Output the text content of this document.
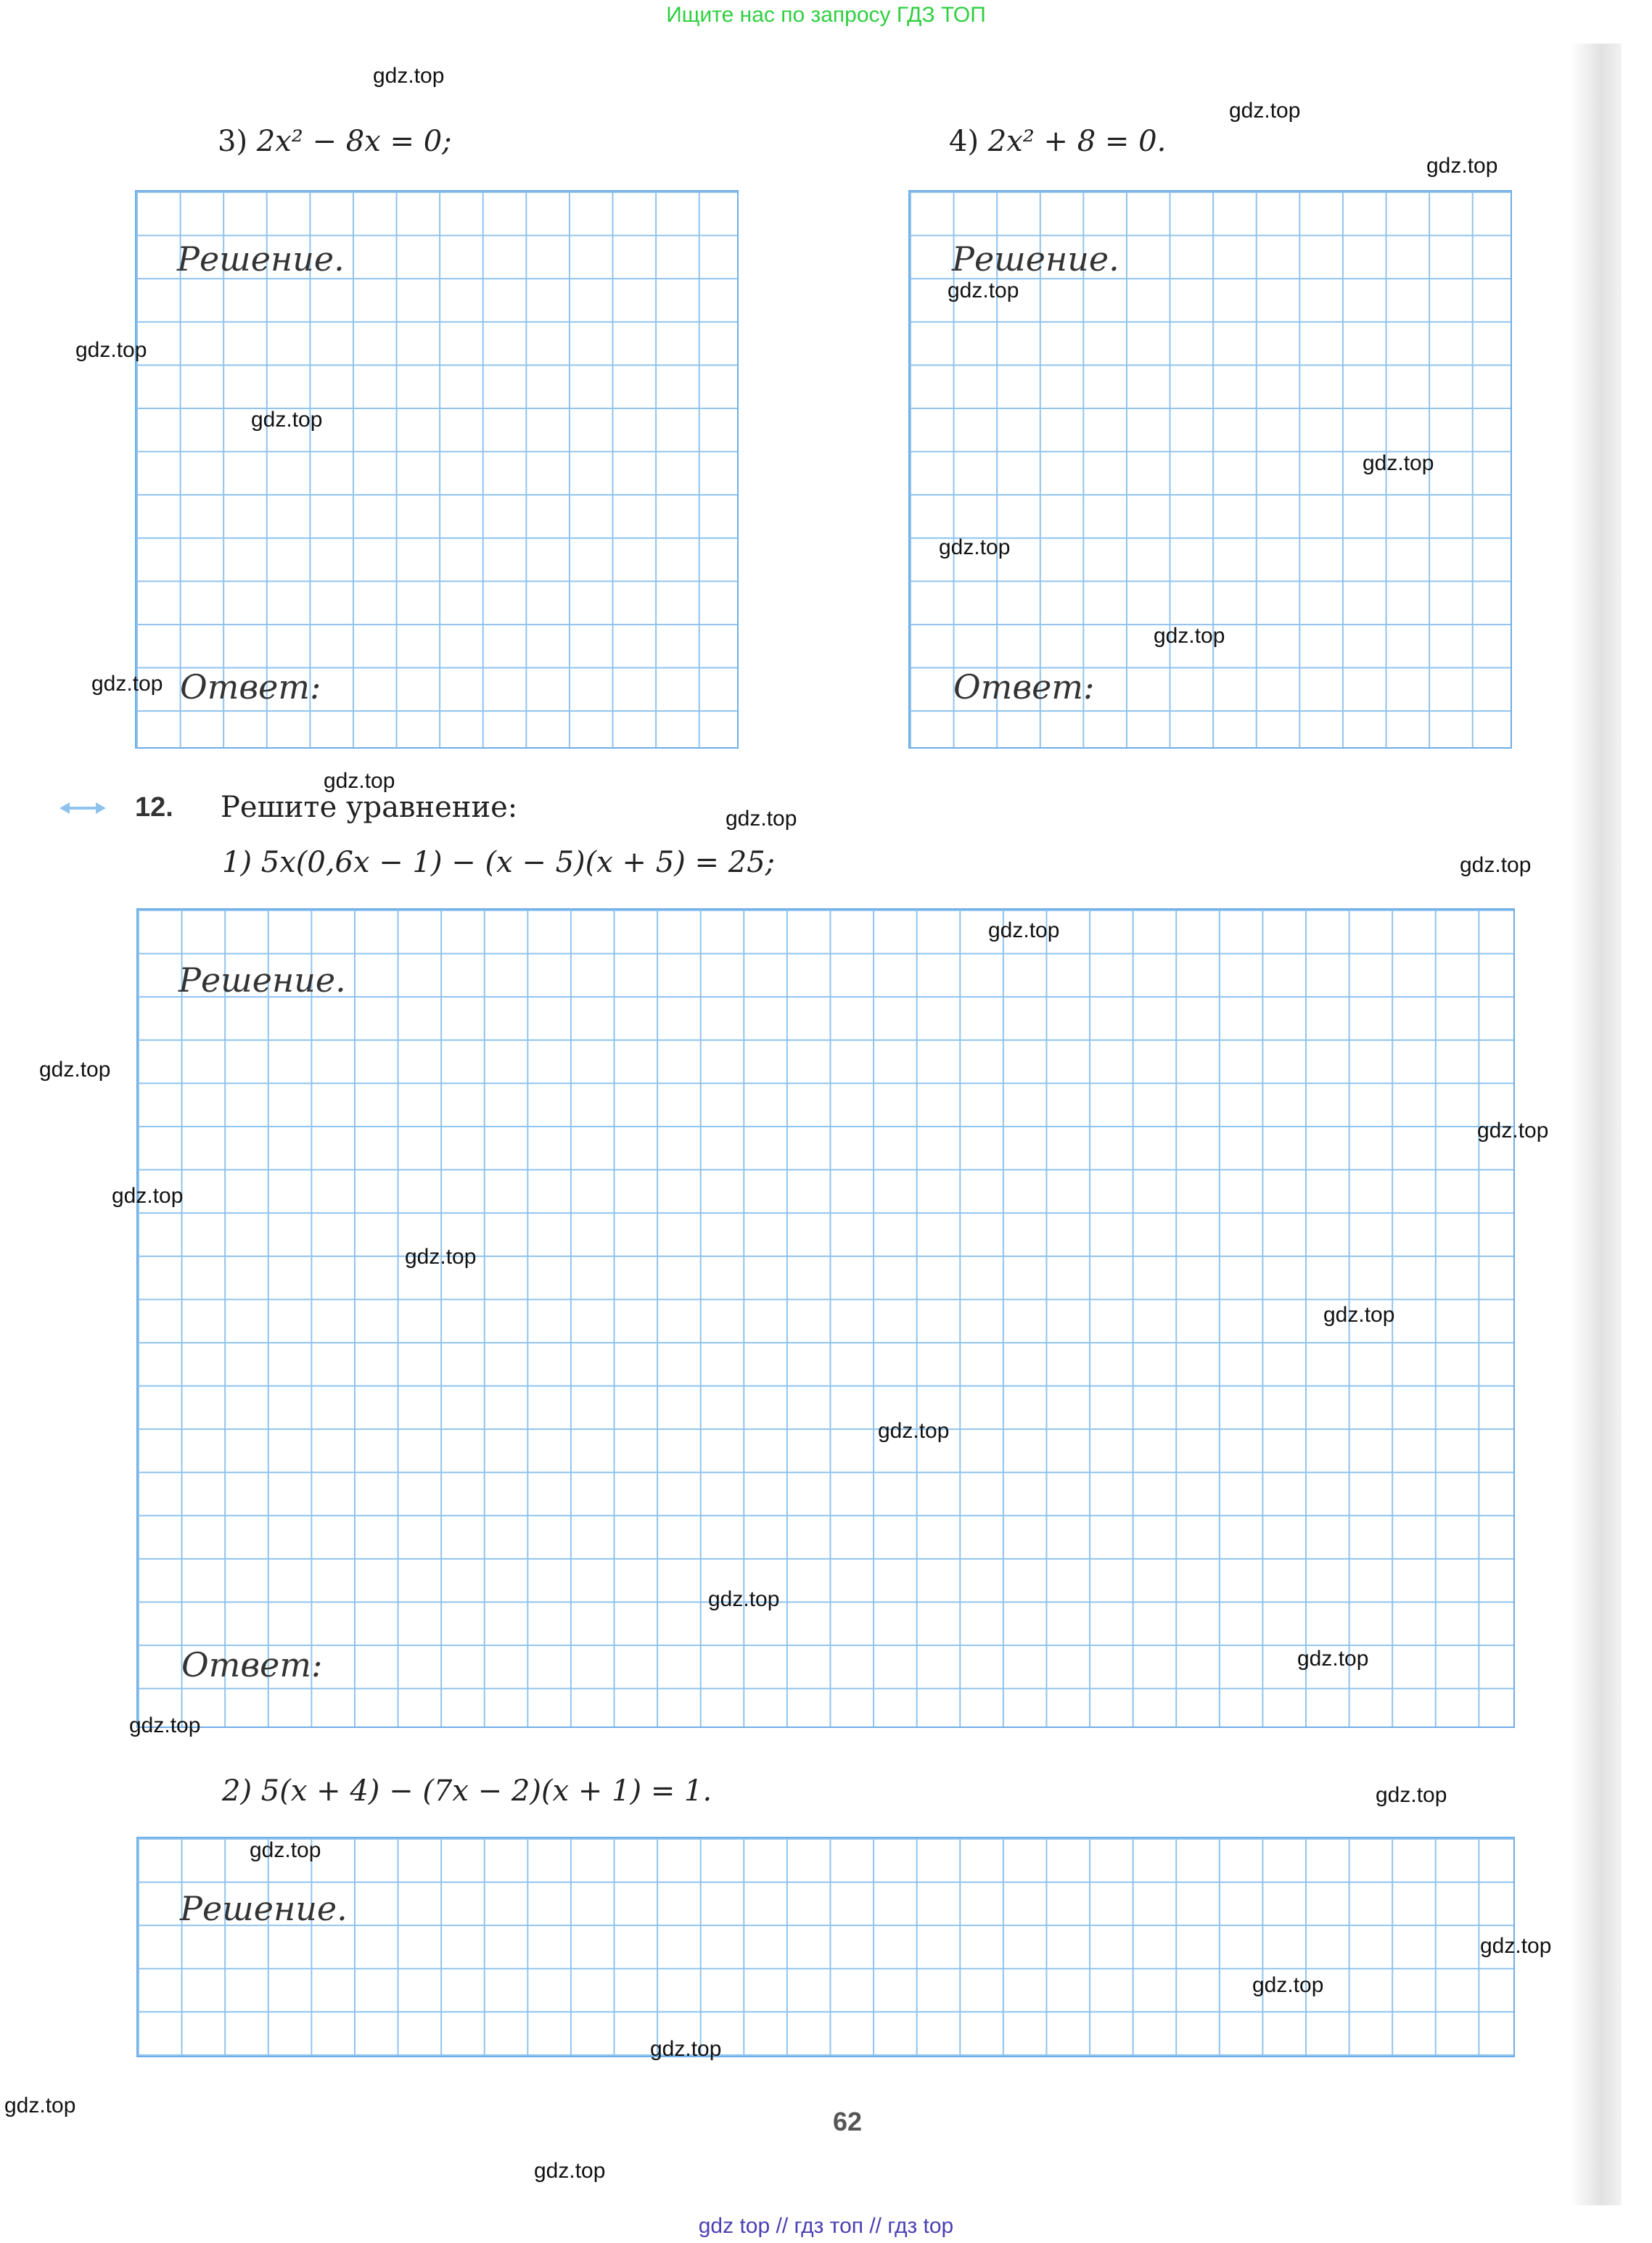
Ищите нас по запросу ГДЗ ТОП
3) 2x² − 8x = 0;	4) 2x² + 8 = 0.
Решение.
Ответ:
Решение.
Ответ:
12. Решите уравнение:
1) 5x(0,6x − 1) − (x − 5)(x + 5) = 25;
Решение.
Ответ:
2) 5(x + 4) − (7x − 2)(x + 1) = 1.
Решение.
62
gdz.top
gdz.top
gdz.top
gdz.top
gdz.top
gdz.top
gdz.top
gdz.top
gdz.top
gdz.top
gdz.top
gdz.top
gdz.top
gdz.top
gdz.top
gdz.top
gdz.top
gdz.top
gdz.top
gdz.top
gdz.top
gdz.top
gdz.top
gdz.top
gdz.top
gdz.top
gdz.top
gdz.top
gdz.top
gdz.top
gdz top // гдз топ // гдз top
